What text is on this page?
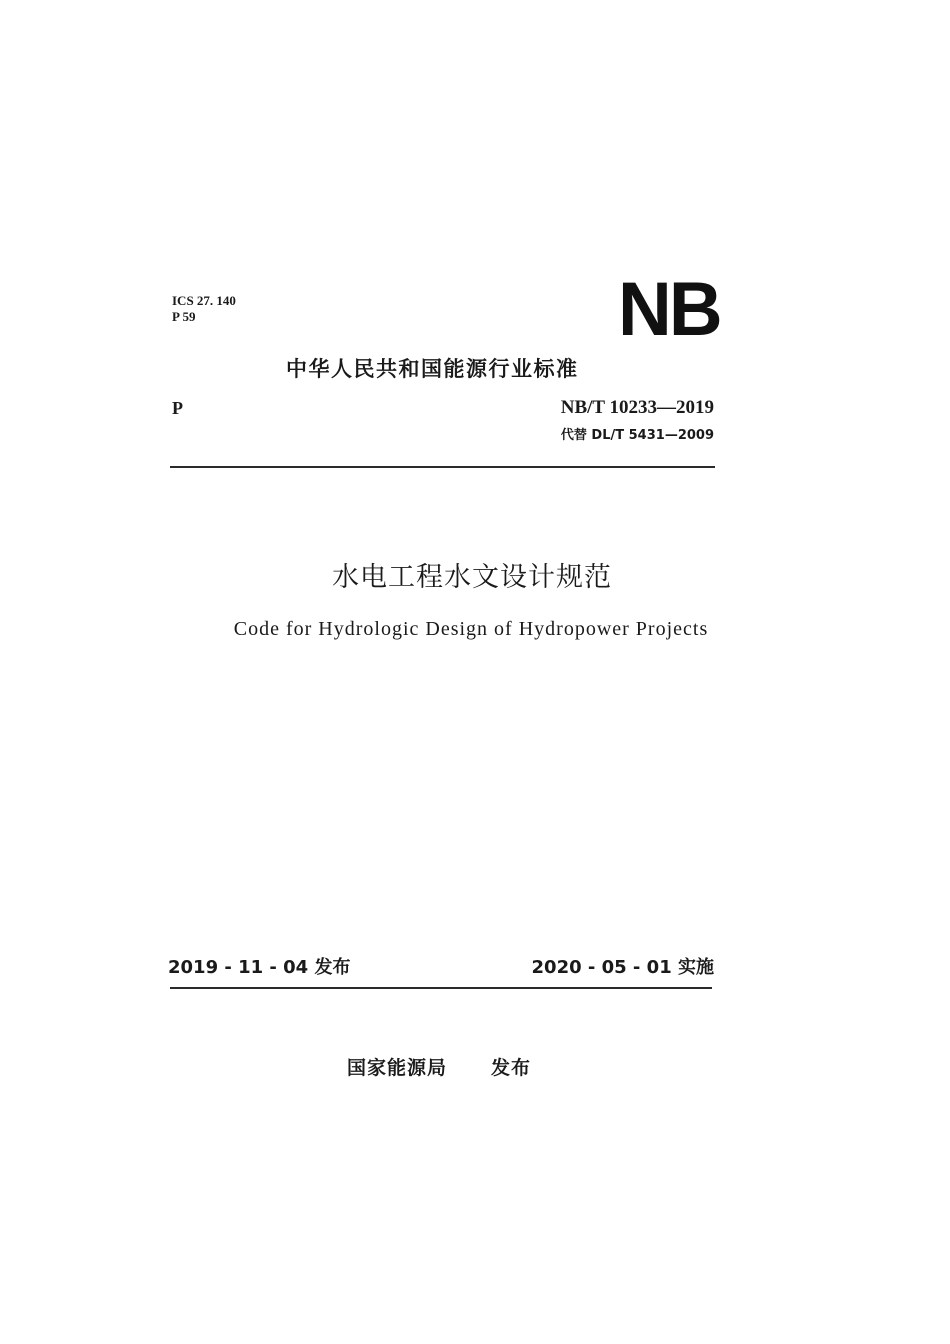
ICS 27. 140
P 59	NB
中华人民共和国能源行业标准
P	NB/T 10233—2019
代替 DL/T 5431—2009
水电工程水文设计规范
Code for Hydrologic Design of Hydropower Projects
2019 - 11 - 04 发布	2020 - 05 - 01 实施
国家能源局 发布
